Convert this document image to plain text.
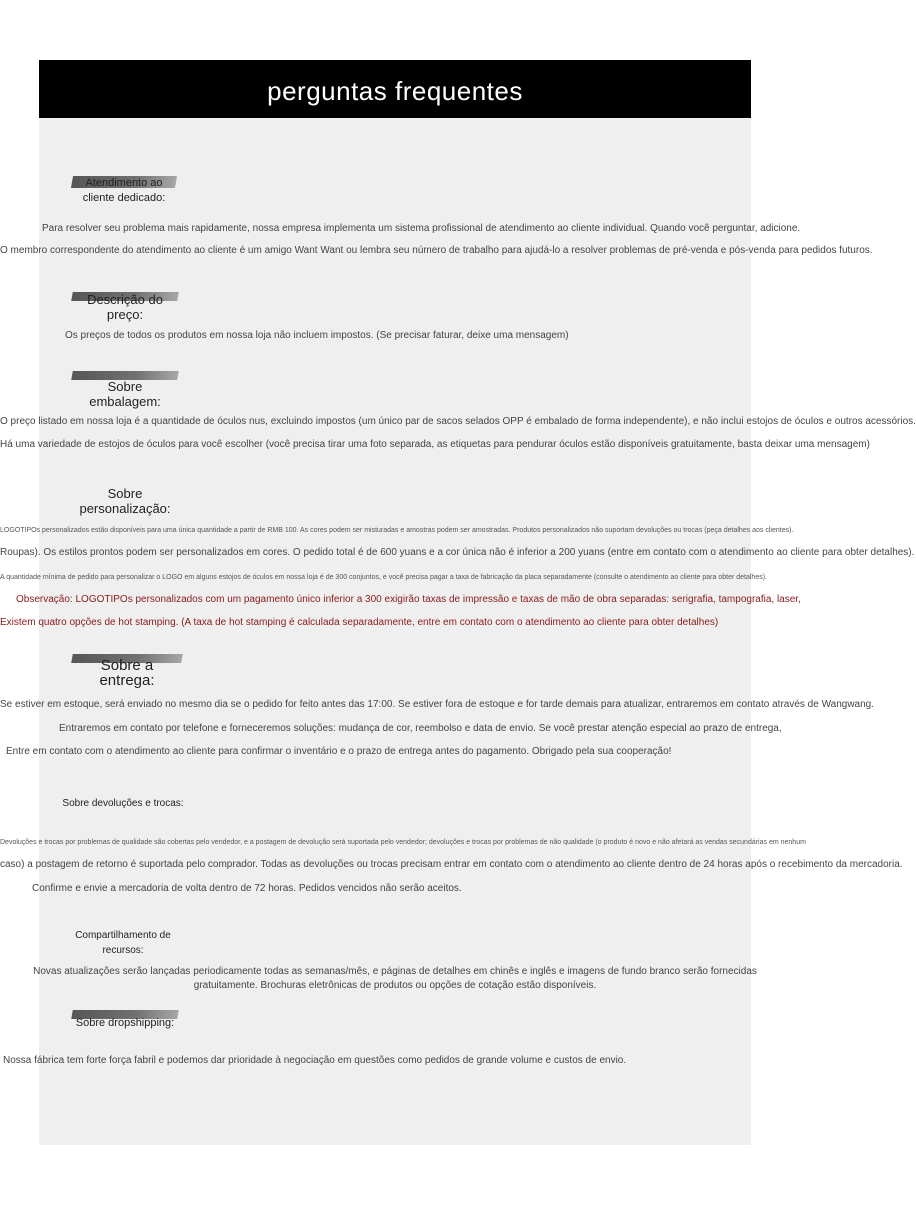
perguntas frequentes
Atendimento ao cliente dedicado:
Para resolver seu problema mais rapidamente, nossa empresa implementa um sistema profissional de atendimento ao cliente individual. Quando você perguntar, adicione.
O membro correspondente do atendimento ao cliente é um amigo Want Want ou lembra seu número de trabalho para ajudá-lo a resolver problemas de pré-venda e pós-venda para pedidos futuros.
Descrição do preço:
Os preços de todos os produtos em nossa loja não incluem impostos. (Se precisar faturar, deixe uma mensagem)
Sobre embalagem:
O preço listado em nossa loja é a quantidade de óculos nus, excluindo impostos (um único par de sacos selados OPP é embalado de forma independente), e não inclui estojos de óculos e outros acessórios.
Há uma variedade de estojos de óculos para você escolher (você precisa tirar uma foto separada, as etiquetas para pendurar óculos estão disponíveis gratuitamente, basta deixar uma mensagem)
Sobre personalização:
LOGOTIPOs personalizados estão disponíveis para uma única quantidade a partir de RMB 100. As cores podem ser misturadas e amostras podem ser amostradas. Produtos personalizados não suportam devoluções ou trocas (peça detalhes aos clientes).
Roupas). Os estilos prontos podem ser personalizados em cores. O pedido total é de 600 yuans e a cor única não é inferior a 200 yuans (entre em contato com o atendimento ao cliente para obter detalhes).
A quantidade mínima de pedido para personalizar o LOGO em alguns estojos de óculos em nossa loja é de 300 conjuntos, e você precisa pagar a taxa de fabricação da placa separadamente (consulte o atendimento ao cliente para obter detalhes).
Observação: LOGOTIPOs personalizados com um pagamento único inferior a 300 exigirão taxas de impressão e taxas de mão de obra separadas: serigrafia, tampografia, laser,
Existem quatro opções de hot stamping. (A taxa de hot stamping é calculada separadamente, entre em contato com o atendimento ao cliente para obter detalhes)
Sobre a entrega:
Se estiver em estoque, será enviado no mesmo dia se o pedido for feito antes das 17:00. Se estiver fora de estoque e for tarde demais para atualizar, entraremos em contato através de Wangwang.
Entraremos em contato por telefone e forneceremos soluções: mudança de cor, reembolso e data de envio. Se você prestar atenção especial ao prazo de entrega,
Entre em contato com o atendimento ao cliente para confirmar o inventário e o prazo de entrega antes do pagamento. Obrigado pela sua cooperação!
Sobre devoluções e trocas:
Devoluções e trocas por problemas de qualidade são cobertas pelo vendedor, e a postagem de devolução será suportada pelo vendedor; devoluções e trocas por problemas de não qualidade (o produto é novo e não afetará as vendas secundárias em nenhum
caso) a postagem de retorno é suportada pelo comprador. Todas as devoluções ou trocas precisam entrar em contato com o atendimento ao cliente dentro de 24 horas após o recebimento da mercadoria.
Confirme e envie a mercadoria de volta dentro de 72 horas. Pedidos vencidos não serão aceitos.
Compartilhamento de recursos:
Novas atualizações serão lançadas periodicamente todas as semanas/mês, e páginas de detalhes em chinês e inglês e imagens de fundo branco serão fornecidas gratuitamente. Brochuras eletrônicas de produtos ou opções de cotação estão disponíveis.
Sobre dropshipping:
Nossa fábrica tem forte força fabril e podemos dar prioridade à negociação em questões como pedidos de grande volume e custos de envio.
